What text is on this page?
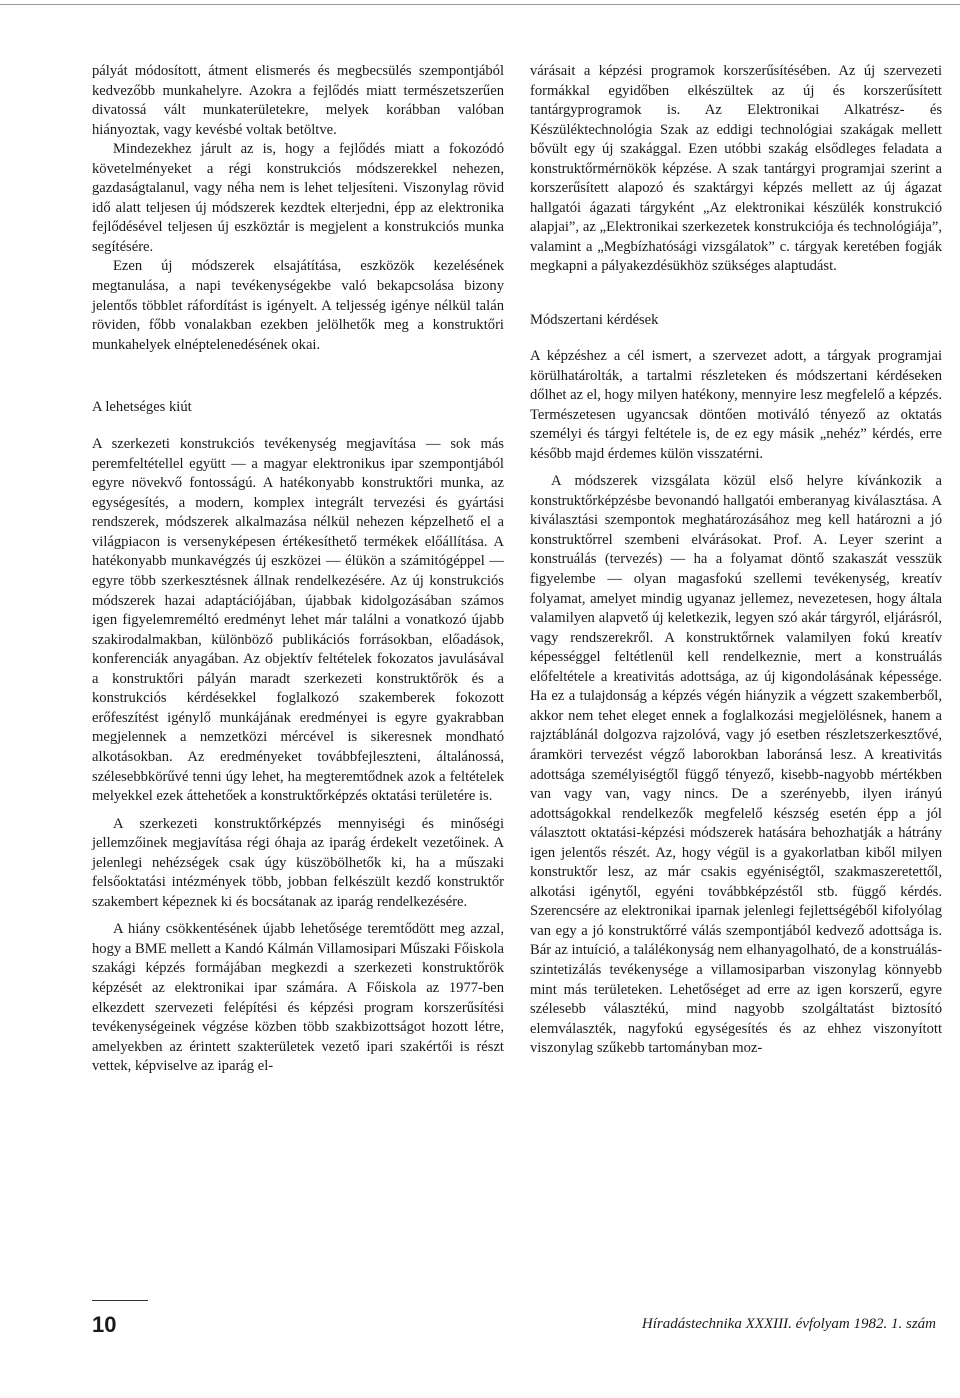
pályát módosított, átment elismerés és megbecsülés szempontjából kedvezőbb munkahelyre. Azokra a fejlődés miatt természetszerűen divatossá vált munkaterületekre, melyek korábban valóban hiányoztak, vagy kevésbé voltak betöltve.

Mindezekhez járult az is, hogy a fejlődés miatt a fokozódó követelményeket a régi konstrukciós módszerekkel nehezen, gazdaságtalanul, vagy néha nem is lehet teljesíteni. Viszonylag rövid idő alatt teljesen új módszerek kezdtek elterjedni, épp az elektronika fejlődésével teljesen új eszköztár is megjelent a konstrukciós munka segítésére.

Ezen új módszerek elsajátítása, eszközök kezelésének megtanulása, a napi tevékenységekbe való bekapcsolása bizony jelentős többlet ráfordítást is igényelt. A teljesség igénye nélkül talán röviden, főbb vonalakban ezekben jelölhetők meg a konstruktőri munkahelyek elnéptelenedésének okai.

A lehetséges kiút

A szerkezeti konstrukciós tevékenység megjavítása — sok más peremfeltétellel együtt — a magyar elektronikus ipar szempontjából egyre növekvő fontosságú. A hatékonyabb konstruktőri munka, az egységesítés, a modern, komplex integrált tervezési és gyártási rendszerek, módszerek alkalmazása nélkül nehezen képzelhető el a világpiacon is versenyképesen értékesíthető termékek előállítása. A hatékonyabb munkavégzés új eszközei — élükön a számitógéppel — egyre több szerkesztésnek állnak rendelkezésére. Az új konstrukciós módszerek hazai adaptációjában, újabbak kidolgozásában számos igen figyelemreméltó eredményt lehet már találni a vonatkozó újabb szakirodalmakban, különböző publikációs forrásokban, előadások, konferenciák anyagában. Az objektív feltételek fokozatos javulásával a konstruktőri pályán maradt szerkezeti konstruktőrök és a konstrukciós kérdésekkel foglalkozó szakemberek fokozott erőfeszítést igénylő munkájának eredményei is egyre gyakrabban megjelennek a nemzetközi mércével is sikeresnek mondható alkotásokban. Az eredményeket továbbfejleszteni, általánossá, szélesebbkörűvé tenni úgy lehet, ha megteremtődnek azok a feltételek melyekkel ezek áttehetőek a konstruktőrképzés oktatási területére is.

A szerkezeti konstruktőrképzés mennyiségi és minőségi jellemzőinek megjavítása régi óhaja az iparág érdekelt vezetőinek. A jelenlegi nehézségek csak úgy küszöbölhetők ki, ha a műszaki felsőoktatási intézmények több, jobban felkészült kezdő konstruktőr szakembert képeznek ki és bocsátanak az iparág rendelkezésére.

A hiány csökkentésének újabb lehetősége teremtődött meg azzal, hogy a BME mellett a Kandó Kálmán Villamosipari Műszaki Főiskola szakági képzés formájában megkezdi a szerkezeti konstruktőrök képzését az elektronikai ipar számára. A Főiskola az 1977-ben elkezdett szervezeti felépítési és képzési program korszerűsítési tevékenységeinek végzése közben több szakbizottságot hozott létre, amelyekben az érintett szakterületek vezető ipari szakértői is részt vettek, képviselve az iparág el-

várásait a képzési programok korszerűsítésében. Az új szervezeti formákkal egyidőben elkészültek az új és korszerűsített tantárgyprogramok is. Az Elektronikai Alkatrész- és Készüléktechnológia Szak az eddigi technológiai szakágak mellett bővült egy új szakággal. Ezen utóbbi szakág elsődleges feladata a konstruktőrmérnökök képzése. A szak tantárgyi programjai szerint a korszerűsített alapozó és szaktárgyi képzés mellett az új ágazat hallgatói ágazati tárgyként „Az elektronikai készülék konstrukció alapjai”, az „Elektronikai szerkezetek konstrukciója és technológiája”, valamint a „Megbízhatósági vizsgálatok” c. tárgyak keretében fogják megkapni a pályakezdésükhöz szükséges alaptudást.

Módszertani kérdések

A képzéshez a cél ismert, a szervezet adott, a tárgyak programjai körülhatárolták, a tartalmi részleteken és módszertani kérdéseken dőlhet az el, hogy milyen hatékony, mennyire lesz megfelelő a képzés. Természetesen ugyancsak döntően motiváló tényező az oktatás személyi és tárgyi feltétele is, de ez egy másik „nehéz” kérdés, erre később majd érdemes külön visszatérni.

A módszerek vizsgálata közül első helyre kívánkozik a konstruktőrképzésbe bevonandó hallgatói emberanyag kiválasztása. A kiválasztási szempontok meghatározásához meg kell határozni a jó konstruktőrrel szembeni elvárásokat. Prof. A. Leyer szerint a konstruálás (tervezés) — ha a folyamat döntő szakaszát vesszük figyelembe — olyan magasfokú szellemi tevékenység, kreatív folyamat, amelyet mindig ugyanaz jellemez, nevezetesen, hogy általa valamilyen alapvető új keletkezik, legyen szó akár tárgyról, eljárásról, vagy rendszerekről. A konstruktőrnek valamilyen fokú kreatív képességgel feltétlenül kell rendelkeznie, mert a konstruálás előfeltétele a kreativitás adottsága, az új kigondolásának képessége. Ha ez a tulajdonság a képzés végén hiányzik a végzett szakemberből, akkor nem tehet eleget ennek a foglalkozási megjelölésnek, hanem a rajztáblánál dolgozva rajzolóvá, vagy jó esetben részletszerkesztővé, áramköri tervezést végző laborokban laboránsá lesz. A kreativitás adottsága személyiségtől függő tényező, kisebb-nagyobb mértékben van vagy van, vagy nincs. De a szerényebb, ilyen irányú adottságokkal rendelkezők megfelelő készség esetén épp a jól választott oktatási-képzési módszerek hatására behozhatják a hátrány igen jelentős részét. Az, hogy végül is a gyakorlatban kiből milyen konstruktőr lesz, az már csakis egyéniségtől, szakmaszeretettől, alkotási igénytől, egyéni továbbképzéstől stb. függő kérdés. Szerencsére az elektronikai iparnak jelenlegi fejlettségéből kifolyólag van egy a jó konstruktőrré válás szempontjából kedvező adottsága is. Bár az intuíció, a találékonyság nem elhanyagolható, de a konstruálás-szintetizálás tevékenysége a villamosiparban viszonylag könnyebb mint más területeken. Lehetőséget ad erre az igen korszerű, egyre szélesebb választékú, mind nagyobb szolgáltatást biztosító elemválaszték, nagyfokú egységesítés és az ehhez viszonyított viszonylag szűkebb tartományban moz-

10	Híradástechnika XXXIII. évfolyam 1982. 1. szám
